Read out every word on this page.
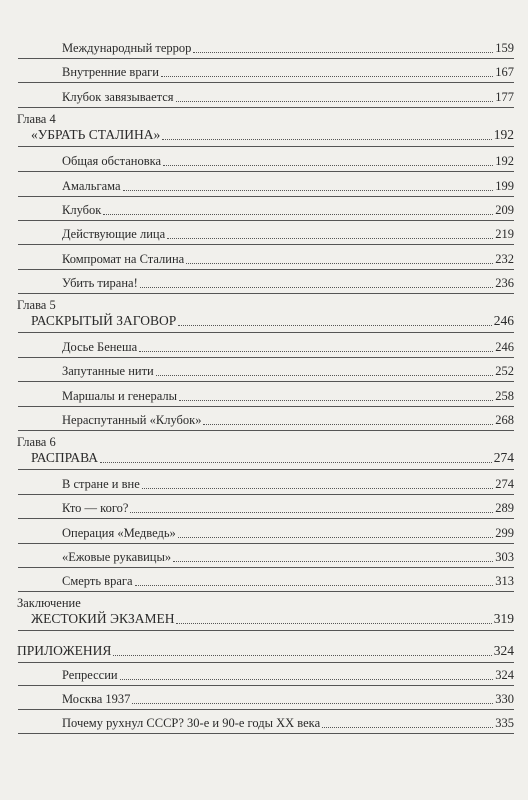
Международный террор	159
Внутренние враги	167
Клубок завязывается	177
Глава 4
«УБРАТЬ СТАЛИНА»	192
Общая обстановка	192
Амальгама	199
Клубок	209
Действующие лица	219
Компромат на Сталина	232
Убить тирана!	236
Глава 5
РАСКРЫТЫЙ ЗАГОВОР	246
Досье Бенеша	246
Запутанные нити	252
Маршалы и генералы	258
Нераспутанный «Клубок»	268
Глава 6
РАСПРАВА	274
В стране и вне	274
Кто — кого?	289
Операция «Медведь»	299
«Ежовые рукавицы»	303
Смерть врага	313
Заключение
ЖЕСТОКИЙ ЭКЗАМЕН	319
ПРИЛОЖЕНИЯ	324
Репрессии	324
Москва 1937	330
Почему рухнул СССР? 30-е и 90-е годы XX века	335
